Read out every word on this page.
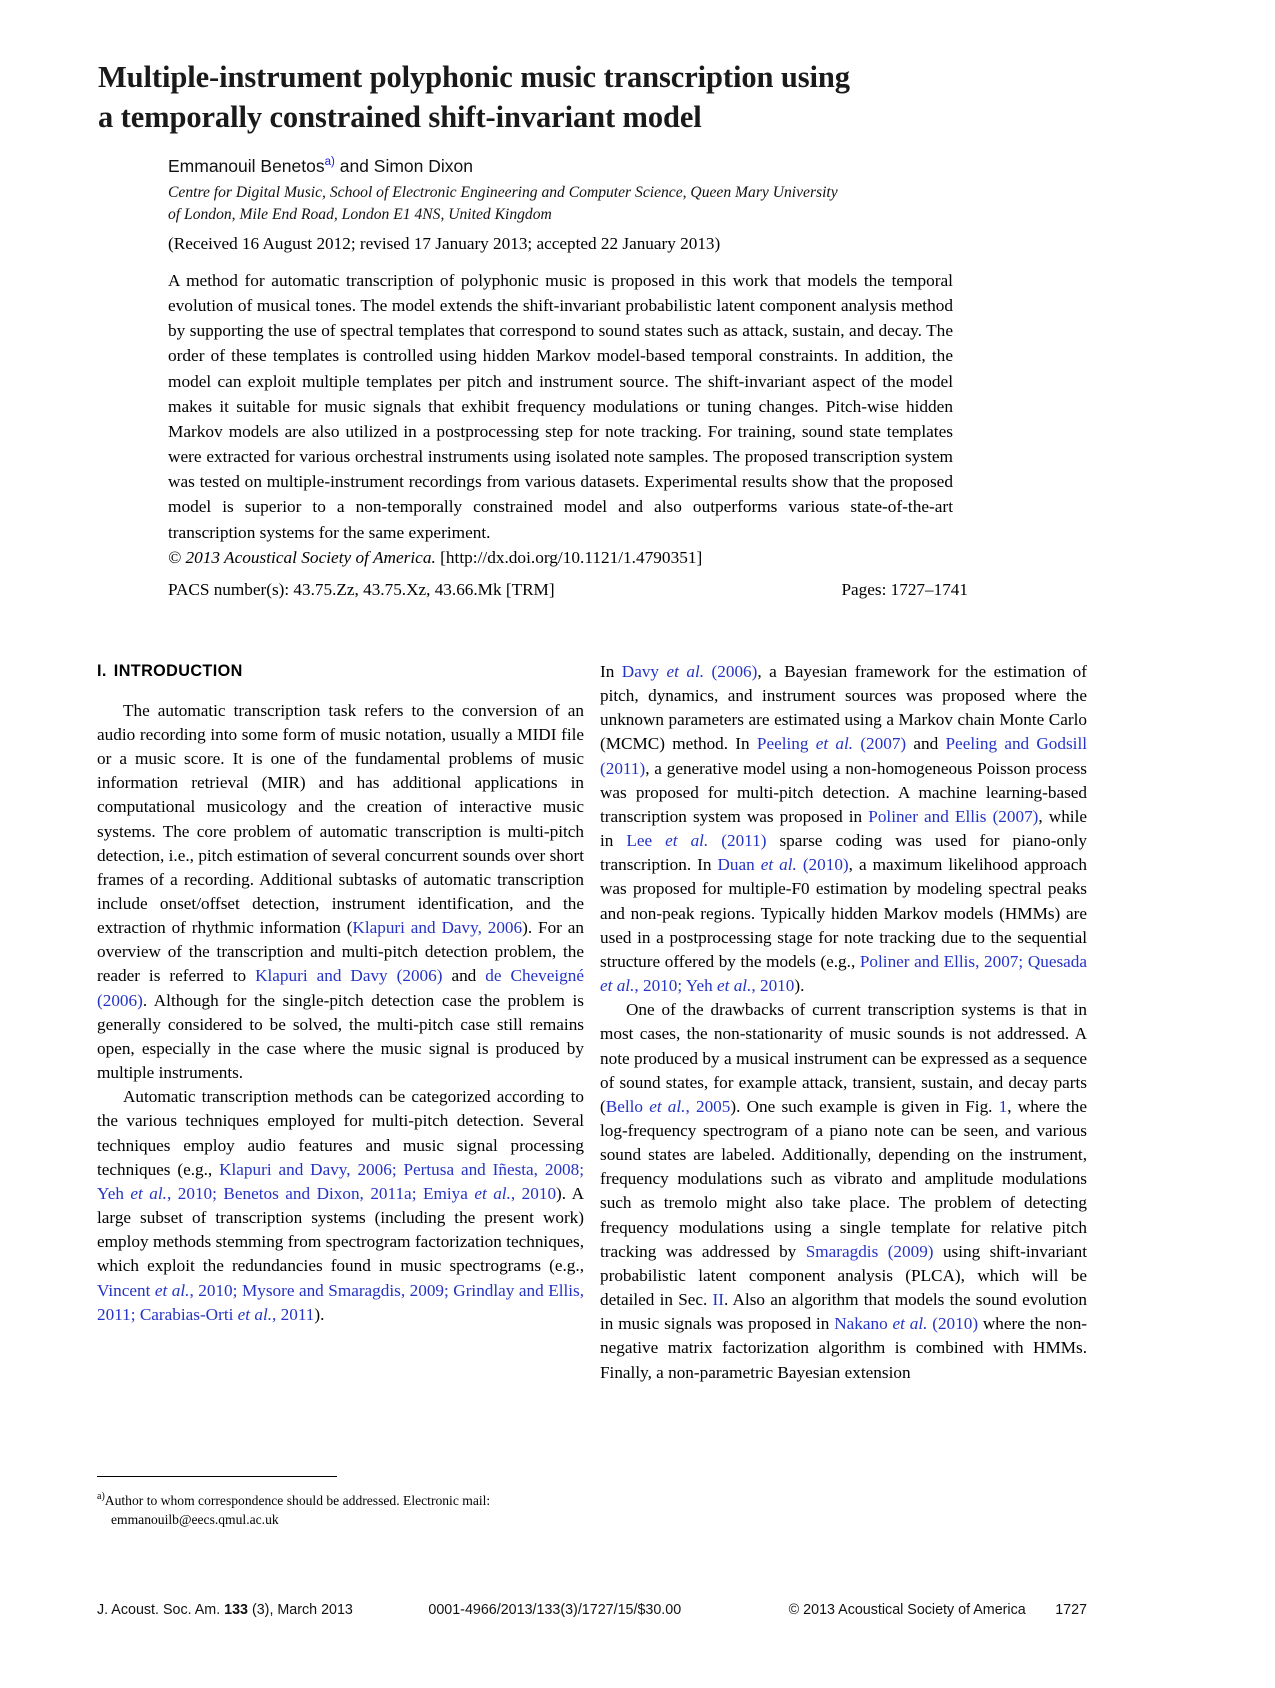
Multiple-instrument polyphonic music transcription using
a temporally constrained shift-invariant model

Emmanouil Benetos$^{a)}$ and Simon Dixon

Centre for Digital Music, School of Electronic Engineering and Computer Science, Queen Mary University
of London, Mile End Road, London E1 4NS, United Kingdom

(Received 16 August 2012; revised 17 January 2013; accepted 22 January 2013)

A method for automatic transcription of polyphonic music is proposed in this work that models the temporal evolution of musical tones. The model extends the shift-invariant probabilistic latent component analysis method by supporting the use of spectral templates that correspond to sound states such as attack, sustain, and decay. The order of these templates is controlled using hidden Markov model-based temporal constraints. In addition, the model can exploit multiple templates per pitch and instrument source. The shift-invariant aspect of the model makes it suitable for music signals that exhibit frequency modulations or tuning changes. Pitch-wise hidden Markov models are also utilized in a postprocessing step for note tracking. For training, sound state templates were extracted for various orchestral instruments using isolated note samples. The proposed transcription system was tested on multiple-instrument recordings from various datasets. Experimental results show that the proposed model is superior to a non-temporally constrained model and also outperforms various state-of-the-art transcription systems for the same experiment.
© 2013 Acoustical Society of America. [http://dx.doi.org/10.1121/1.4790351]

PACS number(s): 43.75.Zz, 43.75.Xz, 43.66.Mk [TRM]	Pages: 1727–1741
I. INTRODUCTION

The automatic transcription task refers to the conversion of an audio recording into some form of music notation, usually a MIDI file or a music score. It is one of the fundamental problems of music information retrieval (MIR) and has additional applications in computational musicology and the creation of interactive music systems. The core problem of automatic transcription is multi-pitch detection, i.e., pitch estimation of several concurrent sounds over short frames of a recording. Additional subtasks of automatic transcription include onset/offset detection, instrument identification, and the extraction of rhythmic information (Klapuri and Davy, 2006). For an overview of the transcription and multi-pitch detection problem, the reader is referred to Klapuri and Davy (2006) and de Cheveigné (2006). Although for the single-pitch detection case the problem is generally considered to be solved, the multi-pitch case still remains open, especially in the case where the music signal is produced by multiple instruments.

Automatic transcription methods can be categorized according to the various techniques employed for multi-pitch detection. Several techniques employ audio features and music signal processing techniques (e.g., Klapuri and Davy, 2006; Pertusa and Iñesta, 2008; Yeh et al., 2010; Benetos and Dixon, 2011a; Emiya et al., 2010). A large subset of transcription systems (including the present work) employ methods stemming from spectrogram factorization techniques, which exploit the redundancies found in music spectrograms (e.g., Vincent et al., 2010; Mysore and Smaragdis, 2009; Grindlay and Ellis, 2011; Carabias-Orti et al., 2011).

In Davy et al. (2006), a Bayesian framework for the estimation of pitch, dynamics, and instrument sources was proposed where the unknown parameters are estimated using a Markov chain Monte Carlo (MCMC) method. In Peeling et al. (2007) and Peeling and Godsill (2011), a generative model using a non-homogeneous Poisson process was proposed for multi-pitch detection. A machine learning-based transcription system was proposed in Poliner and Ellis (2007), while in Lee et al. (2011) sparse coding was used for piano-only transcription. In Duan et al. (2010), a maximum likelihood approach was proposed for multiple-F0 estimation by modeling spectral peaks and non-peak regions. Typically hidden Markov models (HMMs) are used in a postprocessing stage for note tracking due to the sequential structure offered by the models (e.g., Poliner and Ellis, 2007; Quesada et al., 2010; Yeh et al., 2010).

One of the drawbacks of current transcription systems is that in most cases, the non-stationarity of music sounds is not addressed. A note produced by a musical instrument can be expressed as a sequence of sound states, for example attack, transient, sustain, and decay parts (Bello et al., 2005). One such example is given in Fig. 1, where the log-frequency spectrogram of a piano note can be seen, and various sound states are labeled. Additionally, depending on the instrument, frequency modulations such as vibrato and amplitude modulations such as tremolo might also take place. The problem of detecting frequency modulations using a single template for relative pitch tracking was addressed by Smaragdis (2009) using shift-invariant probabilistic latent component analysis (PLCA), which will be detailed in Sec. II. Also an algorithm that models the sound evolution in music signals was proposed in Nakano et al. (2010) where the non-negative matrix factorization algorithm is combined with HMMs. Finally, a non-parametric Bayesian extension

$^{a)}$Author to whom correspondence should be addressed. Electronic mail:
emmanouilb@eecs.qmul.ac.uk

J. Acoust. Soc. Am. 133 (3), March 2013	0001-4966/2013/133(3)/1727/15/$30.00	© 2013 Acoustical Society of America 1727
